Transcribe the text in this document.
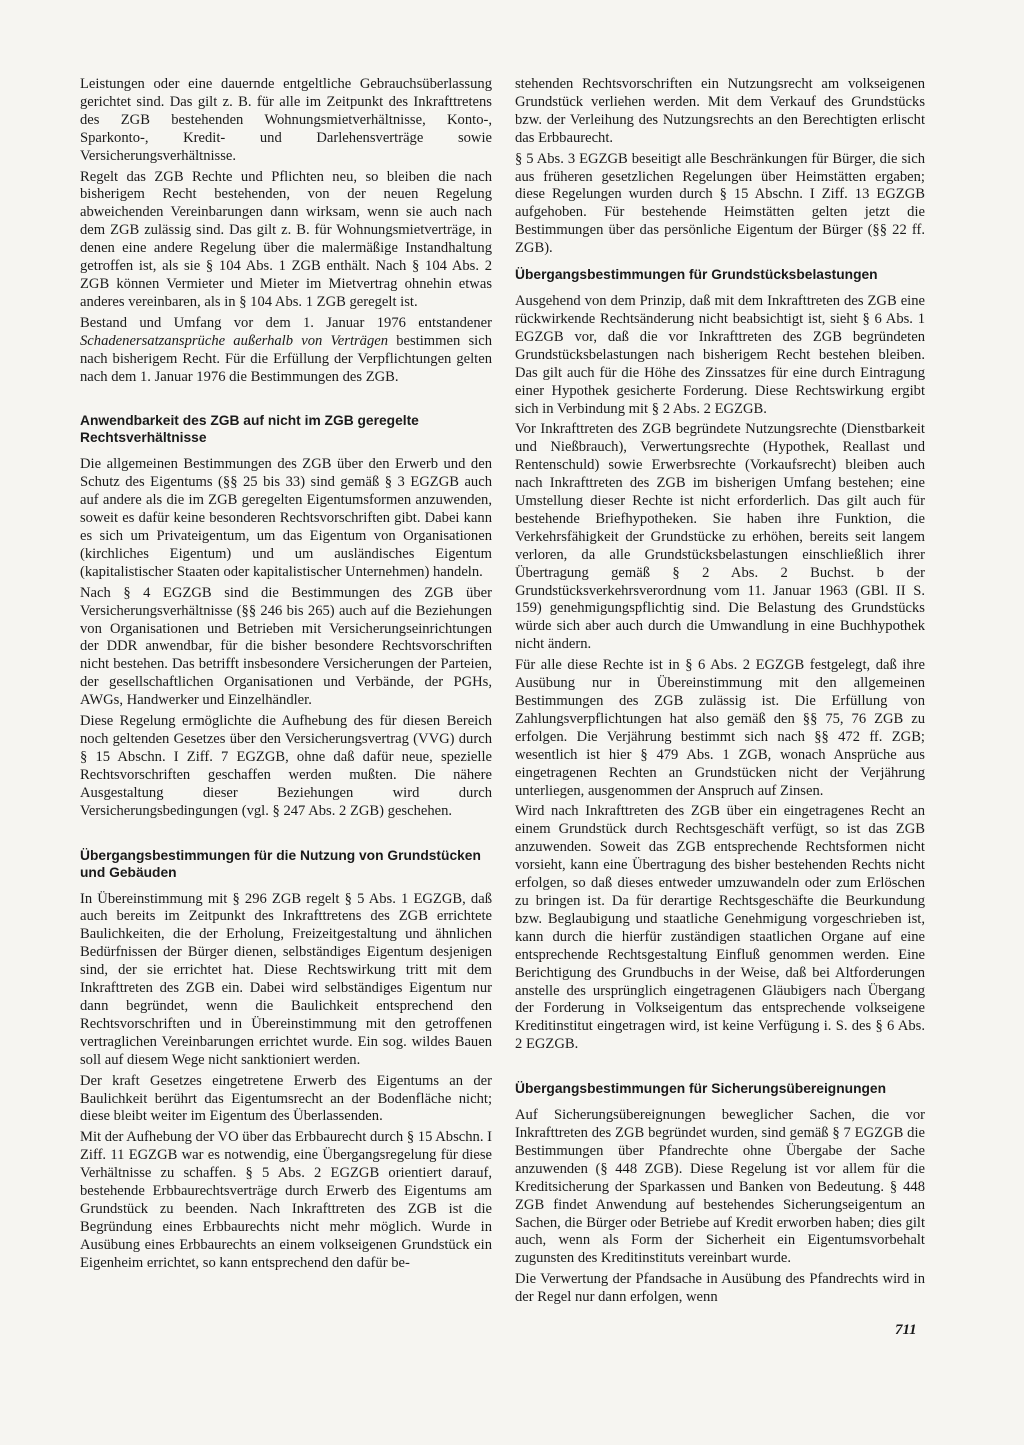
Leistungen oder eine dauernde entgeltliche Gebrauchsüberlassung gerichtet sind. Das gilt z. B. für alle im Zeitpunkt des Inkrafttretens des ZGB bestehenden Wohnungsmietverhältnisse, Konto-, Sparkonto-, Kredit- und Darlehensverträge sowie Versicherungsverhältnisse.

Regelt das ZGB Rechte und Pflichten neu, so bleiben die nach bisherigem Recht bestehenden, von der neuen Regelung abweichenden Vereinbarungen dann wirksam, wenn sie auch nach dem ZGB zulässig sind. Das gilt z. B. für Wohnungsmietverträge, in denen eine andere Regelung über die malermäßige Instandhaltung getroffen ist, als sie § 104 Abs. 1 ZGB enthält. Nach § 104 Abs. 2 ZGB können Vermieter und Mieter im Mietvertrag ohnehin etwas anderes vereinbaren, als in § 104 Abs. 1 ZGB geregelt ist.

Bestand und Umfang vor dem 1. Januar 1976 entstandener Schadenersatzansprüche außerhalb von Verträgen bestimmen sich nach bisherigem Recht. Für die Erfüllung der Verpflichtungen gelten nach dem 1. Januar 1976 die Bestimmungen des ZGB.

Anwendbarkeit des ZGB auf nicht im ZGB geregelte Rechtsverhältnisse

Die allgemeinen Bestimmungen des ZGB über den Erwerb und den Schutz des Eigentums (§§ 25 bis 33) sind gemäß § 3 EGZGB auch auf andere als die im ZGB geregelten Eigentumsformen anzuwenden, soweit es dafür keine besonderen Rechtsvorschriften gibt. Dabei kann es sich um Privateigentum, um das Eigentum von Organisationen (kirchliches Eigentum) und um ausländisches Eigentum (kapitalistischer Staaten oder kapitalistischer Unternehmen) handeln.

Nach § 4 EGZGB sind die Bestimmungen des ZGB über Versicherungsverhältnisse (§§ 246 bis 265) auch auf die Beziehungen von Organisationen und Betrieben mit Versicherungseinrichtungen der DDR anwendbar, für die bisher besondere Rechtsvorschriften nicht bestehen. Das betrifft insbesondere Versicherungen der Parteien, der gesellschaftlichen Organisationen und Verbände, der PGHs, AWGs, Handwerker und Einzelhändler.

Diese Regelung ermöglichte die Aufhebung des für diesen Bereich noch geltenden Gesetzes über den Versicherungsvertrag (VVG) durch § 15 Abschn. I Ziff. 7 EGZGB, ohne daß dafür neue, spezielle Rechtsvorschriften geschaffen werden mußten. Die nähere Ausgestaltung dieser Beziehungen wird durch Versicherungsbedingungen (vgl. § 247 Abs. 2 ZGB) geschehen.

Übergangsbestimmungen für die Nutzung von Grundstücken und Gebäuden

In Übereinstimmung mit § 296 ZGB regelt § 5 Abs. 1 EGZGB, daß auch bereits im Zeitpunkt des Inkrafttretens des ZGB errichtete Baulichkeiten, die der Erholung, Freizeitgestaltung und ähnlichen Bedürfnissen der Bürger dienen, selbständiges Eigentum desjenigen sind, der sie errichtet hat. Diese Rechtswirkung tritt mit dem Inkrafttreten des ZGB ein. Dabei wird selbständiges Eigentum nur dann begründet, wenn die Baulichkeit entsprechend den Rechtsvorschriften und in Übereinstimmung mit den getroffenen vertraglichen Vereinbarungen errichtet wurde. Ein sog. wildes Bauen soll auf diesem Wege nicht sanktioniert werden.

Der kraft Gesetzes eingetretene Erwerb des Eigentums an der Baulichkeit berührt das Eigentumsrecht an der Bodenfläche nicht; diese bleibt weiter im Eigentum des Überlassenden.

Mit der Aufhebung der VO über das Erbbaurecht durch § 15 Abschn. I Ziff. 11 EGZGB war es notwendig, eine Übergangsregelung für diese Verhältnisse zu schaffen. § 5 Abs. 2 EGZGB orientiert darauf, bestehende Erbbaurechtsverträge durch Erwerb des Eigentums am Grundstück zu beenden. Nach Inkrafttreten des ZGB ist die Begründung eines Erbbaurechts nicht mehr möglich. Wurde in Ausübung eines Erbbaurechts an einem volkseigenen Grundstück ein Eigenheim errichtet, so kann entsprechend den dafür be-

stehenden Rechtsvorschriften ein Nutzungsrecht am volkseigenen Grundstück verliehen werden. Mit dem Verkauf des Grundstücks bzw. der Verleihung des Nutzungsrechts an den Berechtigten erlischt das Erbbaurecht.

§ 5 Abs. 3 EGZGB beseitigt alle Beschränkungen für Bürger, die sich aus früheren gesetzlichen Regelungen über Heimstätten ergaben; diese Regelungen wurden durch § 15 Abschn. I Ziff. 13 EGZGB aufgehoben. Für bestehende Heimstätten gelten jetzt die Bestimmungen über das persönliche Eigentum der Bürger (§§ 22 ff. ZGB).

Übergangsbestimmungen für Grundstücksbelastungen

Ausgehend von dem Prinzip, daß mit dem Inkrafttreten des ZGB eine rückwirkende Rechtsänderung nicht beabsichtigt ist, sieht § 6 Abs. 1 EGZGB vor, daß die vor Inkrafttreten des ZGB begründeten Grundstücksbelastungen nach bisherigem Recht bestehen bleiben. Das gilt auch für die Höhe des Zinssatzes für eine durch Eintragung einer Hypothek gesicherte Forderung. Diese Rechtswirkung ergibt sich in Verbindung mit § 2 Abs. 2 EGZGB.

Vor Inkrafttreten des ZGB begründete Nutzungsrechte (Dienstbarkeit und Nießbrauch), Verwertungsrechte (Hypothek, Reallast und Rentenschuld) sowie Erwerbsrechte (Vorkaufsrecht) bleiben auch nach Inkrafttreten des ZGB im bisherigen Umfang bestehen; eine Umstellung dieser Rechte ist nicht erforderlich. Das gilt auch für bestehende Briefhypotheken. Sie haben ihre Funktion, die Verkehrsfähigkeit der Grundstücke zu erhöhen, bereits seit langem verloren, da alle Grundstücksbelastungen einschließlich ihrer Übertragung gemäß § 2 Abs. 2 Buchst. b der Grundstücksverkehrsverordnung vom 11. Januar 1963 (GBl. II S. 159) genehmigungspflichtig sind. Die Belastung des Grundstücks würde sich aber auch durch die Umwandlung in eine Buchhypothek nicht ändern.

Für alle diese Rechte ist in § 6 Abs. 2 EGZGB festgelegt, daß ihre Ausübung nur in Übereinstimmung mit den allgemeinen Bestimmungen des ZGB zulässig ist. Die Erfüllung von Zahlungsverpflichtungen hat also gemäß den §§ 75, 76 ZGB zu erfolgen. Die Verjährung bestimmt sich nach §§ 472 ff. ZGB; wesentlich ist hier § 479 Abs. 1 ZGB, wonach Ansprüche aus eingetragenen Rechten an Grundstücken nicht der Verjährung unterliegen, ausgenommen der Anspruch auf Zinsen.

Wird nach Inkrafttreten des ZGB über ein eingetragenes Recht an einem Grundstück durch Rechtsgeschäft verfügt, so ist das ZGB anzuwenden. Soweit das ZGB entsprechende Rechtsformen nicht vorsieht, kann eine Übertragung des bisher bestehenden Rechts nicht erfolgen, so daß dieses entweder umzuwandeln oder zum Erlöschen zu bringen ist. Da für derartige Rechtsgeschäfte die Beurkundung bzw. Beglaubigung und staatliche Genehmigung vorgeschrieben ist, kann durch die hierfür zuständigen staatlichen Organe auf eine entsprechende Rechtsgestaltung Einfluß genommen werden. Eine Berichtigung des Grundbuchs in der Weise, daß bei Altforderungen anstelle des ursprünglich eingetragenen Gläubigers nach Übergang der Forderung in Volkseigentum das entsprechende volkseigene Kreditinstitut eingetragen wird, ist keine Verfügung i. S. des § 6 Abs. 2 EGZGB.

Übergangsbestimmungen für Sicherungsübereignungen

Auf Sicherungsübereignungen beweglicher Sachen, die vor Inkrafttreten des ZGB begründet wurden, sind gemäß § 7 EGZGB die Bestimmungen über Pfandrechte ohne Übergabe der Sache anzuwenden (§ 448 ZGB). Diese Regelung ist vor allem für die Kreditsicherung der Sparkassen und Banken von Bedeutung. § 448 ZGB findet Anwendung auf bestehendes Sicherungseigentum an Sachen, die Bürger oder Betriebe auf Kredit erworben haben; dies gilt auch, wenn als Form der Sicherheit ein Eigentumsvorbehalt zugunsten des Kreditinstituts vereinbart wurde.

Die Verwertung der Pfandsache in Ausübung des Pfandrechts wird in der Regel nur dann erfolgen, wenn

711
